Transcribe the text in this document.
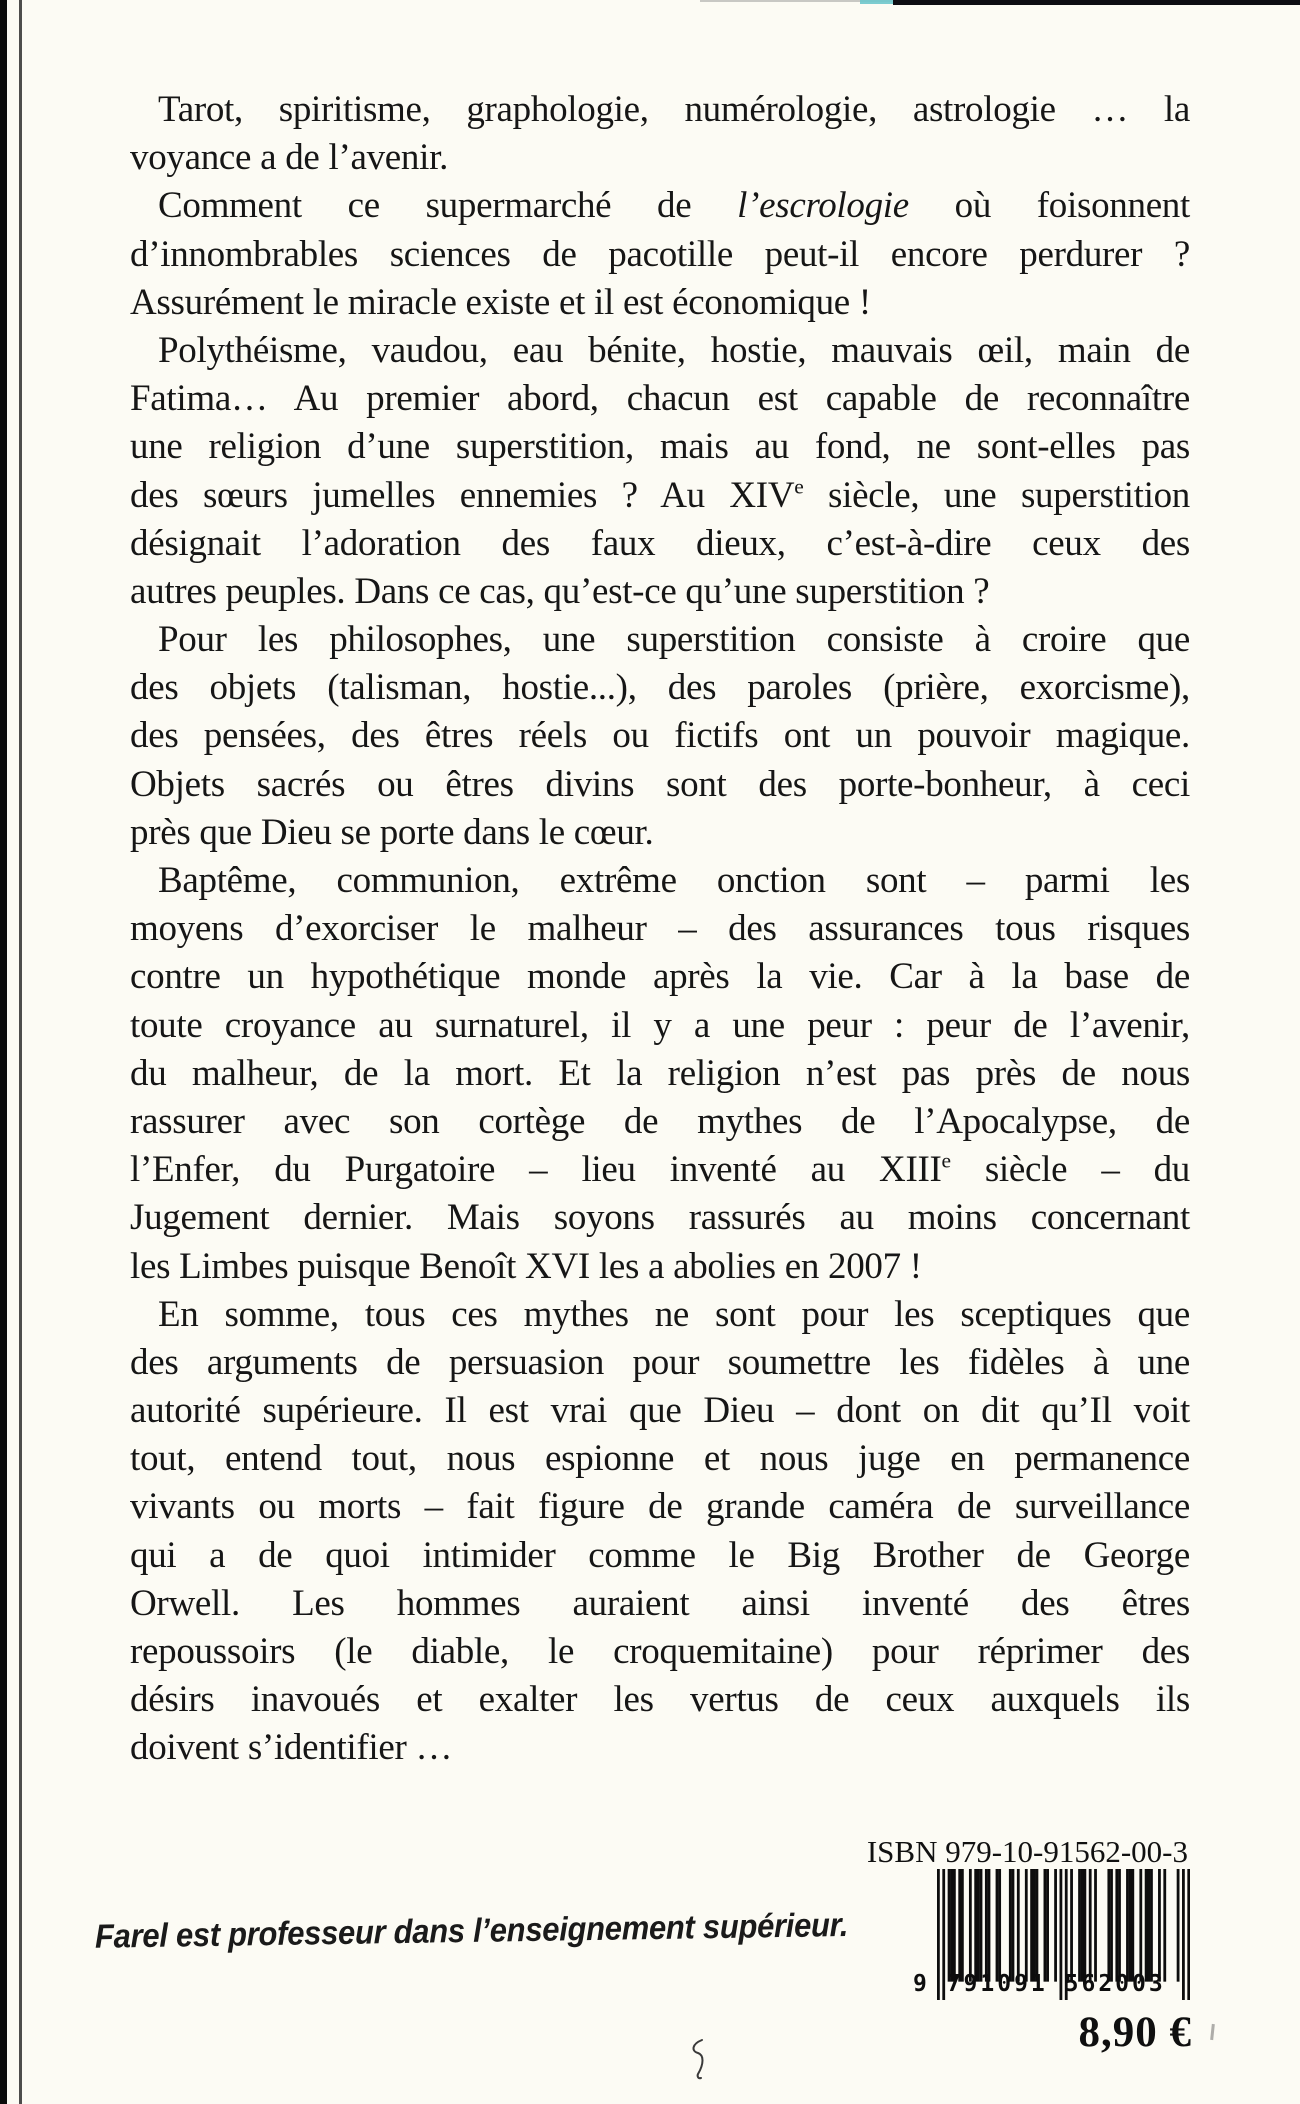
Tarot, spiritisme, graphologie, numérologie, astrologie … la
voyance a de l’avenir.
Comment ce supermarché de l’escrologie où foisonnent
d’innombrables sciences de pacotille peut-il encore perdurer ?
Assurément le miracle existe et il est économique !
Polythéisme, vaudou, eau bénite, hostie, mauvais œil, main de
Fatima… Au premier abord, chacun est capable de reconnaître
une religion d’une superstition, mais au fond, ne sont-elles pas
des sœurs jumelles ennemies ? Au XIVe siècle, une superstition
désignait l’adoration des faux dieux, c’est-à-dire ceux des
autres peuples. Dans ce cas, qu’est-ce qu’une superstition ?
Pour les philosophes, une superstition consiste à croire que
des objets (talisman, hostie...), des paroles (prière, exorcisme),
des pensées, des êtres réels ou fictifs ont un pouvoir magique.
Objets sacrés ou êtres divins sont des porte-bonheur, à ceci
près que Dieu se porte dans le cœur.
Baptême, communion, extrême onction sont – parmi les
moyens d’exorciser le malheur – des assurances tous risques
contre un hypothétique monde après la vie. Car à la base de
toute croyance au surnaturel, il y a une peur : peur de l’avenir,
du malheur, de la mort. Et la religion n’est pas près de nous
rassurer avec son cortège de mythes de l’Apocalypse, de
l’Enfer, du Purgatoire – lieu inventé au XIIIe siècle – du
Jugement dernier. Mais soyons rassurés au moins concernant
les Limbes puisque Benoît XVI les a abolies en 2007 !
En somme, tous ces mythes ne sont pour les sceptiques que
des arguments de persuasion pour soumettre les fidèles à une
autorité supérieure. Il est vrai que Dieu – dont on dit qu’Il voit
tout, entend tout, nous espionne et nous juge en permanence
vivants ou morts – fait figure de grande caméra de surveillance
qui a de quoi intimider comme le Big Brother de George
Orwell. Les hommes auraient ainsi inventé des êtres
repoussoirs (le diable, le croquemitaine) pour réprimer des
désirs inavoués et exalter les vertus de ceux auxquels ils
doivent s’identifier …
ISBN 979-10-91562-00-3
9 791091 562003
Farel est professeur dans l’enseignement supérieur.
8,90 €
